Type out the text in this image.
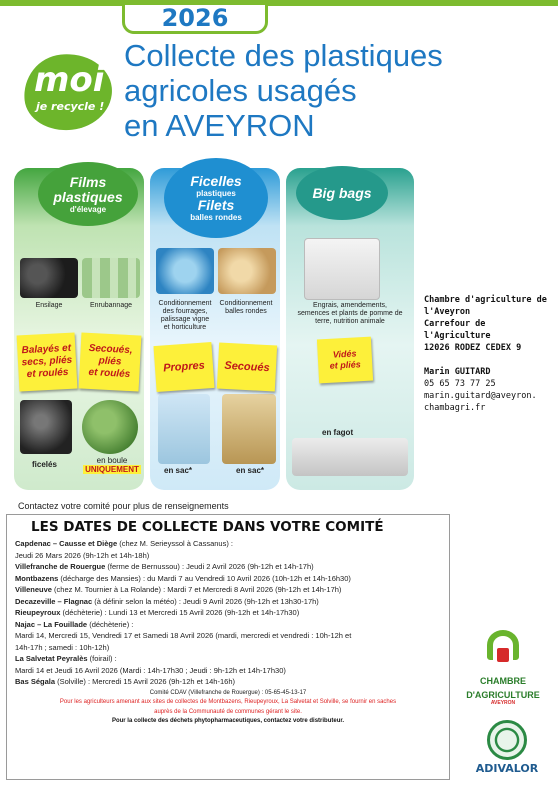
2026
moi
je recycle !
Collecte des plastiques
agricoles usagés
en AVEYRON
Films
plastiques
d'élevage
Ficelles
plastiques
Filets
balles rondes
Big bags
Ensilage	Enrubannage	Conditionnement
des fourrages,
palissage vigne
et horticulture
Conditionnement
balles rondes
Engrais, amendements,
semences et plants de pomme de
terre, nutrition animale
Balayés et
secs, pliés
et roulés
Secoués,
pliés
et roulés	Propres	Secoués
Vidés
et pliés
ficelés	en boule
UNIQUEMENT	en sac*	en sac*
en fagot
Chambre d'agriculture de
l'Aveyron
Carrefour de l'Agriculture
12026 RODEZ CEDEX 9
Marin GUITARD
05 65 73 77 25
marin.guitard@aveyron.
chambagri.fr
Contactez votre comité pour plus de renseignements
LES DATES DE COLLECTE DANS VOTRE COMITÉ
Capdenac – Causse et Diège (chez M. Serieyssol à Cassanus) :
Jeudi 26 Mars 2026 (9h-12h et 14h-18h)
Villefranche de Rouergue (ferme de Bernussou) : Jeudi 2 Avril 2026 (9h-12h et 14h-17h)
Montbazens (décharge des Mansies) : du Mardi 7 au Vendredi 10 Avril 2026 (10h-12h et 14h-16h30)
Villeneuve (chez M. Tournier à La Rolande) : Mardi 7 et Mercredi 8 Avril 2026 (9h-12h et 14h-17h)
Decazeville – Flagnac (à définir selon la météo) : Jeudi 9 Avril 2026 (9h-12h et 13h30-17h)
Rieupeyroux (déchèterie) : Lundi 13 et Mercredi 15 Avril 2026 (9h-12h et 14h-17h30)
Najac – La Fouillade (déchèterie) :
Mardi 14, Mercredi 15, Vendredi 17 et Samedi 18 Avril 2026 (mardi, mercredi et vendredi : 10h-12h et
14h-17h ; samedi : 10h-12h)
La Salvetat Peyralès (foirail) :
Mardi 14 et Jeudi 16 Avril 2026 (Mardi : 14h-17h30 ; Jeudi : 9h-12h et 14h-17h30)
Bas Ségala (Solville) : Mercredi 15 Avril 2026 (9h-12h et 14h-16h)
Comité CDAV (Villefranche de Rouergue) : 05-65-45-13-17
Pour les agriculteurs amenant aux sites de collectes de Montbazens, Rieupeyroux, La Salvetat et Solville, se fournir en saches
auprès de la Communauté de communes gérant le site.
Pour la collecte des déchets phytopharmaceutiques, contactez votre distributeur.
CHAMBRE
D'AGRICULTURE
AVEYRON
ADIVALOR
